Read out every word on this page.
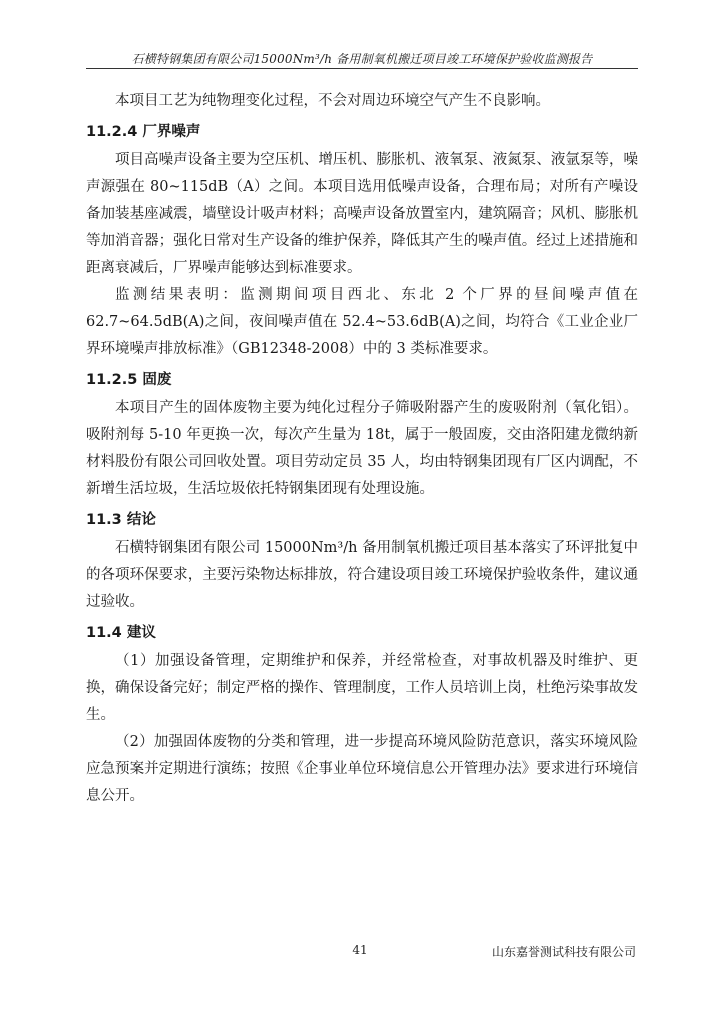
石横特钢集团有限公司15000Nm³/h 备用制氧机搬迁项目竣工环境保护验收监测报告

本项目工艺为纯物理变化过程，不会对周边环境空气产生不良影响。

11.2.4 厂界噪声

项目高噪声设备主要为空压机、增压机、膨胀机、液氧泵、液氮泵、液氩泵等，噪声源强在 80~115dB（A）之间。本项目选用低噪声设备，合理布局；对所有产噪设备加装基座减震，墙壁设计吸声材料；高噪声设备放置室内，建筑隔音；风机、膨胀机等加消音器；强化日常对生产设备的维护保养，降低其产生的噪声值。经过上述措施和距离衰减后，厂界噪声能够达到标准要求。

监测结果表明：监测期间项目西北、东北 2 个厂界的昼间噪声值在 62.7~64.5dB(A)之间，夜间噪声值在 52.4~53.6dB(A)之间，均符合《工业企业厂界环境噪声排放标准》（GB12348-2008）中的 3 类标准要求。

11.2.5 固废

本项目产生的固体废物主要为纯化过程分子筛吸附器产生的废吸附剂（氧化铝）。吸附剂每 5-10 年更换一次，每次产生量为 18t，属于一般固废，交由洛阳建龙微纳新材料股份有限公司回收处置。项目劳动定员 35 人，均由特钢集团现有厂区内调配，不新增生活垃圾，生活垃圾依托特钢集团现有处理设施。

11.3 结论

石横特钢集团有限公司 15000Nm³/h 备用制氧机搬迁项目基本落实了环评批复中的各项环保要求，主要污染物达标排放，符合建设项目竣工环境保护验收条件，建议通过验收。

11.4 建议

（1）加强设备管理，定期维护和保养，并经常检查，对事故机器及时维护、更换，确保设备完好；制定严格的操作、管理制度，工作人员培训上岗，杜绝污染事故发生。

（2）加强固体废物的分类和管理，进一步提高环境风险防范意识，落实环境风险应急预案并定期进行演练；按照《企事业单位环境信息公开管理办法》要求进行环境信息公开。

41	山东嘉誉测试科技有限公司
